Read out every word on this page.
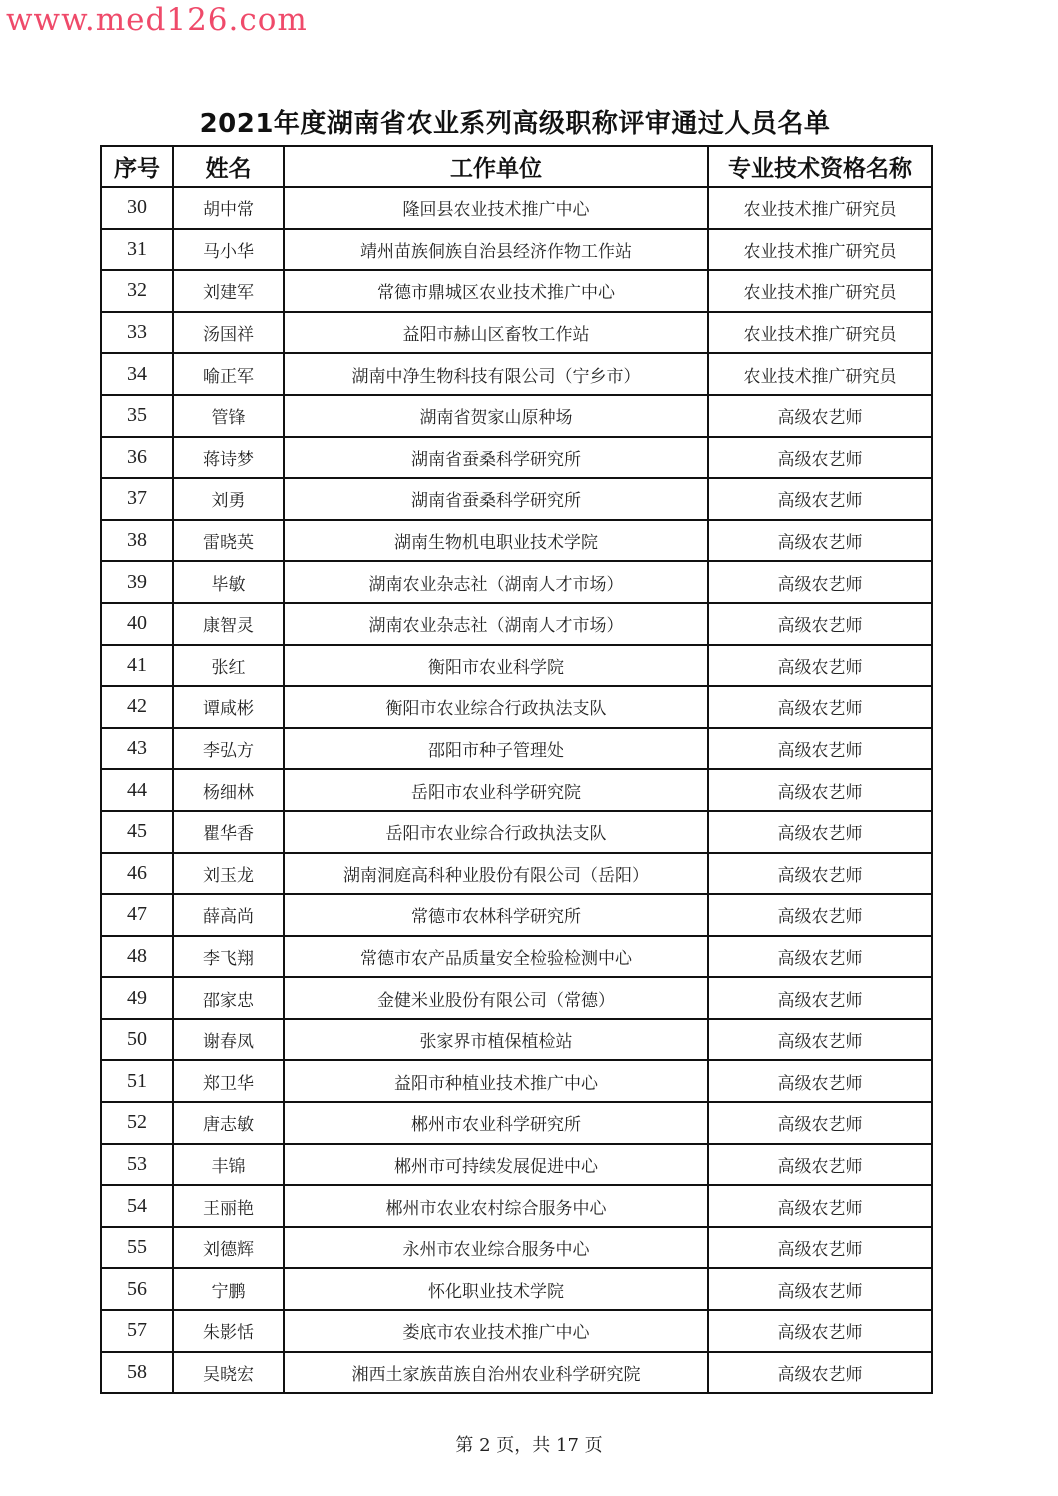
www.med126.com
2021年度湖南省农业系列高级职称评审通过人员名单
序号	姓名	工作单位	专业技术资格名称
30	胡中常	隆回县农业技术推广中心	农业技术推广研究员
31	马小华	靖州苗族侗族自治县经济作物工作站	农业技术推广研究员
32	刘建军	常德市鼎城区农业技术推广中心	农业技术推广研究员
33	汤国祥	益阳市赫山区畜牧工作站	农业技术推广研究员
34	喻正军	湖南中净生物科技有限公司（宁乡市）	农业技术推广研究员
35	管锋	湖南省贺家山原种场	高级农艺师
36	蒋诗梦	湖南省蚕桑科学研究所	高级农艺师
37	刘勇	湖南省蚕桑科学研究所	高级农艺师
38	雷晓英	湖南生物机电职业技术学院	高级农艺师
39	毕敏	湖南农业杂志社（湖南人才市场）	高级农艺师
40	康智灵	湖南农业杂志社（湖南人才市场）	高级农艺师
41	张红	衡阳市农业科学院	高级农艺师
42	谭咸彬	衡阳市农业综合行政执法支队	高级农艺师
43	李弘方	邵阳市种子管理处	高级农艺师
44	杨细林	岳阳市农业科学研究院	高级农艺师
45	瞿华香	岳阳市农业综合行政执法支队	高级农艺师
46	刘玉龙	湖南洞庭高科种业股份有限公司（岳阳）	高级农艺师
47	薛高尚	常德市农林科学研究所	高级农艺师
48	李飞翔	常德市农产品质量安全检验检测中心	高级农艺师
49	邵家忠	金健米业股份有限公司（常德）	高级农艺师
50	谢春凤	张家界市植保植检站	高级农艺师
51	郑卫华	益阳市种植业技术推广中心	高级农艺师
52	唐志敏	郴州市农业科学研究所	高级农艺师
53	丰锦	郴州市可持续发展促进中心	高级农艺师
54	王丽艳	郴州市农业农村综合服务中心	高级农艺师
55	刘德辉	永州市农业综合服务中心	高级农艺师
56	宁鹏	怀化职业技术学院	高级农艺师
57	朱影恬	娄底市农业技术推广中心	高级农艺师
58	吴晓宏	湘西土家族苗族自治州农业科学研究院	高级农艺师
第 2 页，共 17 页
